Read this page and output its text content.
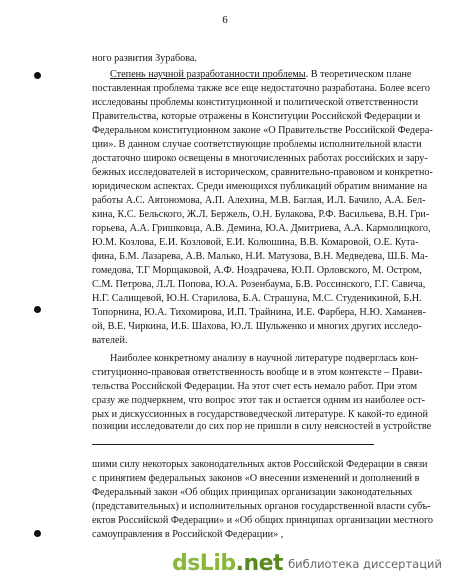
6
ного развития Зурабова.
Степень научной разработанности проблемы. В теоретическом плане
поставленная проблема также все еще недостаточно разработана. Более всего
исследованы проблемы конституционной и политической ответственности
Правительства, которые отражены в Конституции Российской Федерации и
Федеральном конституционном законе «О Правительстве Российской Федера-
ции». В данном случае соответствующие проблемы исполнительной власти
достаточно широко освещены в многочисленных работах российских и зару-
бежных исследователей в историческом, сравнительно-правовом и конкретно-
юридическом аспектах. Среди имеющихся публикаций обратим внимание на
работы А.С. Автономова, А.П. Алехина, М.В. Баглая, И.Л. Бачило, А.А. Бел-
кина, К.С. Бельского, Ж.Л. Бержель, О.Н. Булакова, Р.Ф. Васильева, В.Н. Гри-
горьева, А.А. Гришковца, А.В. Демина, Ю.А. Дмитриева, А.А. Кармолицкого,
Ю.М. Козлова, Е.И. Козловой, Е.И. Колюшина, В.В. Комаровой, О.Е. Кута-
фина, Б.М. Лазарева, А.В. Малько, Н.И. Матузова, В.Н. Медведева, Ш.Б. Ма-
гомедова, Т.Г Морщаковой, А.Ф. Ноздрачева, Ю.П. Орловского, М. Остром,
С.М. Петрова, Л.Л. Попова, Ю.А. Розенбаума, Б.В. Россинского, Г.Г. Савича,
Н.Г. Салищевой, Ю.Н. Старилова, Б.А. Страшуна, М.С. Студеникиной, Б.Н.
Топорнина, Ю.А. Тихомирова, И.П. Трайнина, И.Е. Фарбера, Н.Ю. Хаманев-
ой, В.Е. Чиркина, И.Б. Шахова, Ю.Л. Шульженко и многих других исследо-
вателей.
Наиболее конкретному анализу в научной литературе подверглась кон-
ституционно-правовая ответственность вообще и в этом контексте – Прави-
тельства Российской Федерации. На этот счет есть немало работ. При этом
сразу же подчеркнем, что вопрос этот так и остается одним из наиболее ост-
рых и дискуссионных в государствоведческой литературе. К какой-то единой
позиции исследователи до сих пор не пришли в силу неясностей в устройстве
шими силу некоторых законодательных актов Российской Федерации в связи
с принятием федеральных законов «О внесении изменений и дополнений в
Федеральный закон «Об общих принципах организации законодательных
(представительных) и исполнительных органов государственной власти субъ-
ектов Российской Федерации» и «Об общих принципах организации местного
самоуправления в Российской Федерации» ,
dsLib.net библиотека диссертаций
